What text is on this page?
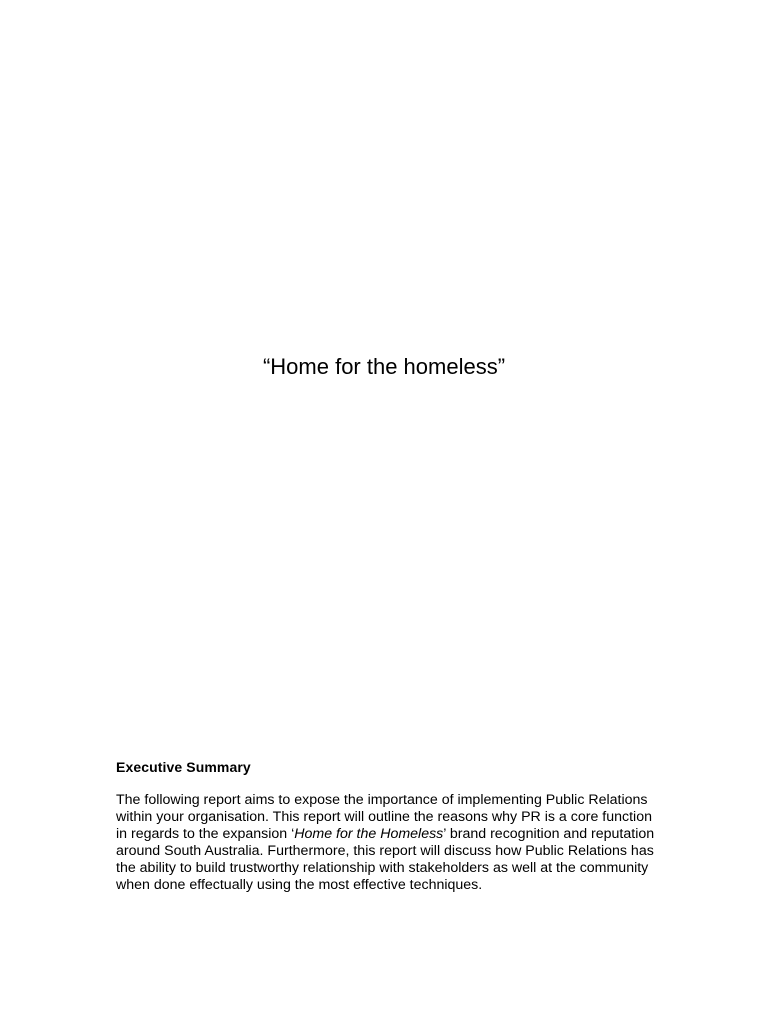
“Home for the homeless”
Executive Summary

The following report aims to expose the importance of implementing Public Relations within your organisation. This report will outline the reasons why PR is a core function in regards to the expansion ‘Home for the Homeless’ brand recognition and reputation around South Australia. Furthermore, this report will discuss how Public Relations has the ability to build trustworthy relationship with stakeholders as well at the community when done effectually using the most effective techniques.
